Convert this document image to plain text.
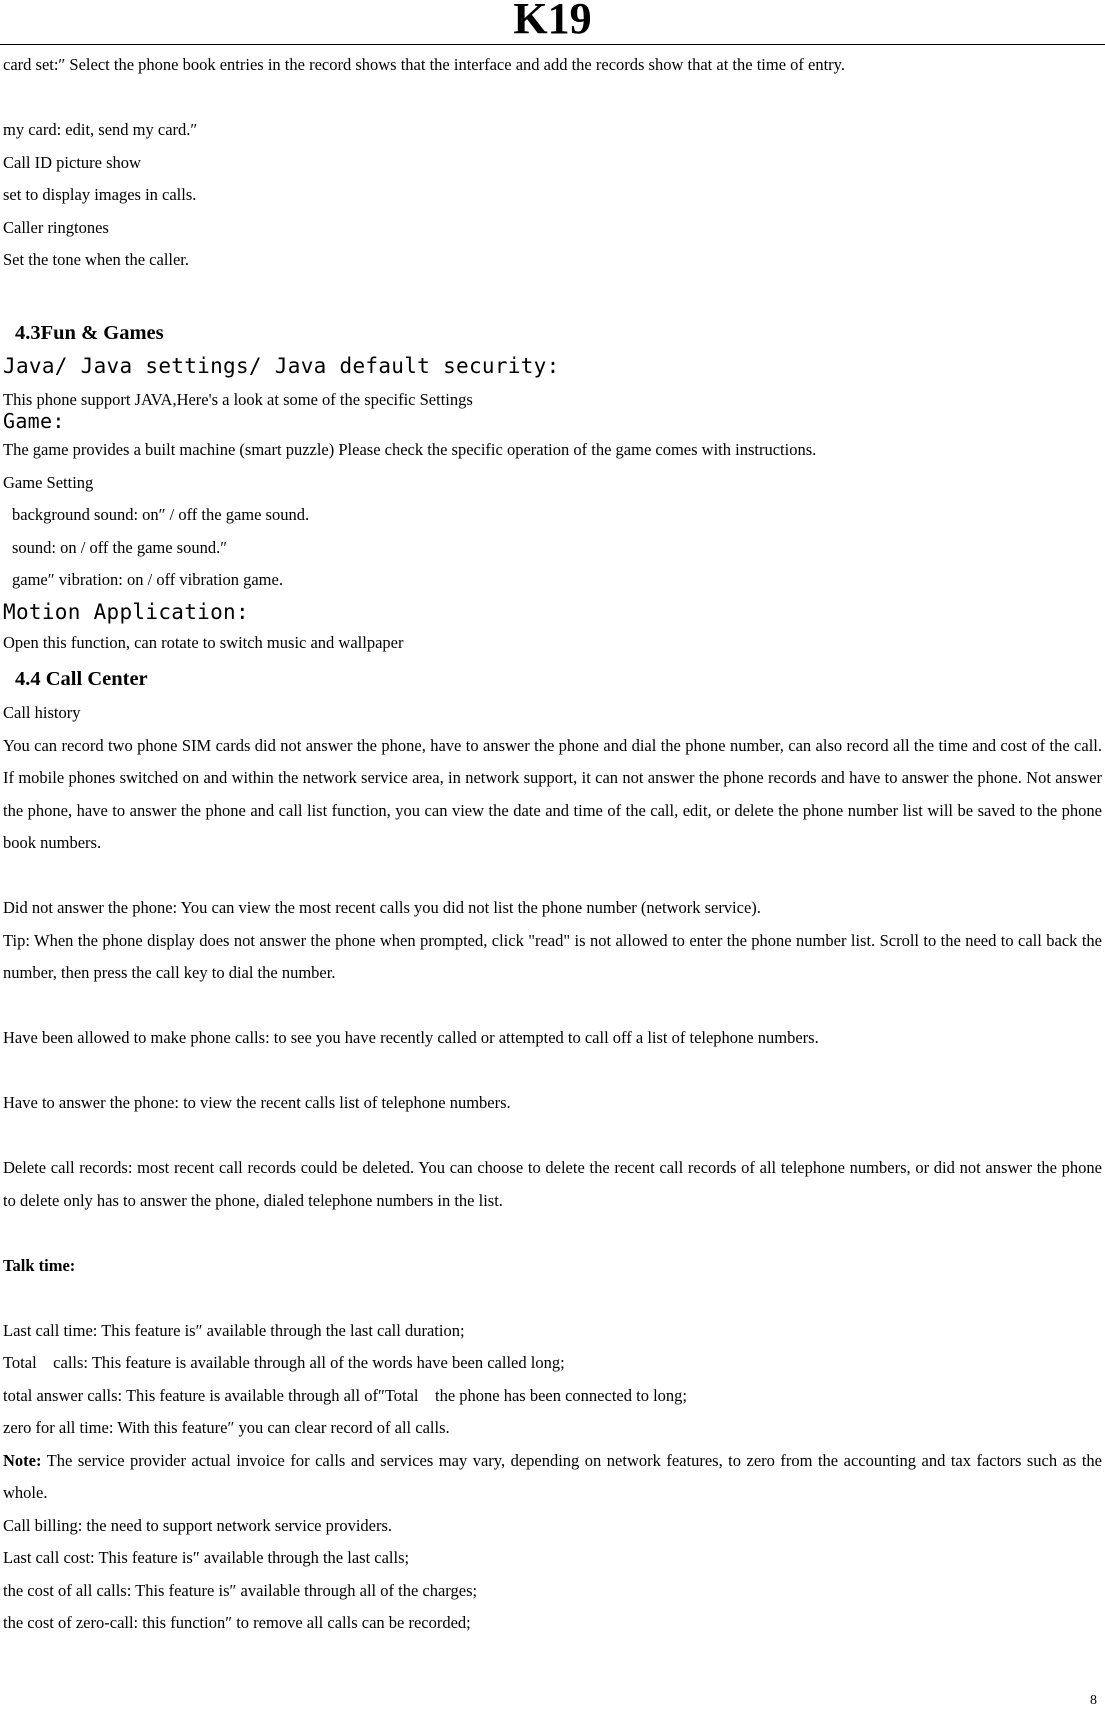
K19
card set:″ Select the phone book entries in the record shows that the interface and add the records show that at the time of entry.
my card: edit, send my card.″
Call ID picture show
set to display images in calls.
Caller ringtones
Set the tone when the caller.
4.3Fun & Games
Java/ Java settings/ Java default security:
This phone support JAVA,Here's a look at some of the specific Settings
Game:
The game provides a built machine (smart puzzle) Please check the specific operation of the game comes with instructions.
Game Setting
background sound: on″ / off the game sound.
sound: on / off the game sound.″
game″ vibration: on / off vibration game.
Motion Application:
Open this function, can rotate to switch music and wallpaper
4.4 Call Center
Call history
You can record two phone SIM cards did not answer the phone, have to answer the phone and dial the phone number, can also record all the time and cost of the call. If mobile phones switched on and within the network service area, in network support, it can not answer the phone records and have to answer the phone. Not answer the phone, have to answer the phone and call list function, you can view the date and time of the call, edit, or delete the phone number list will be saved to the phone book numbers.
Did not answer the phone: You can view the most recent calls you did not list the phone number (network service).
Tip: When the phone display does not answer the phone when prompted, click "read" is not allowed to enter the phone number list. Scroll to the need to call back the number, then press the call key to dial the number.
Have been allowed to make phone calls: to see you have recently called or attempted to call off a list of telephone numbers.
Have to answer the phone: to view the recent calls list of telephone numbers.
Delete call records: most recent call records could be deleted. You can choose to delete the recent call records of all telephone numbers, or did not answer the phone to delete only has to answer the phone, dialed telephone numbers in the list.
Talk time:
Last call time: This feature is″ available through the last call duration;
Total    calls: This feature is available through all of the words have been called long;
total answer calls: This feature is available through all of″Total    the phone has been connected to long;
zero for all time: With this feature″ you can clear record of all calls.
Note: The service provider actual invoice for calls and services may vary, depending on network features, to zero from the accounting and tax factors such as the whole.
Call billing: the need to support network service providers.
Last call cost: This feature is″ available through the last calls;
the cost of all calls: This feature is″ available through all of the charges;
the cost of zero-call: this function″ to remove all calls can be recorded;
8
